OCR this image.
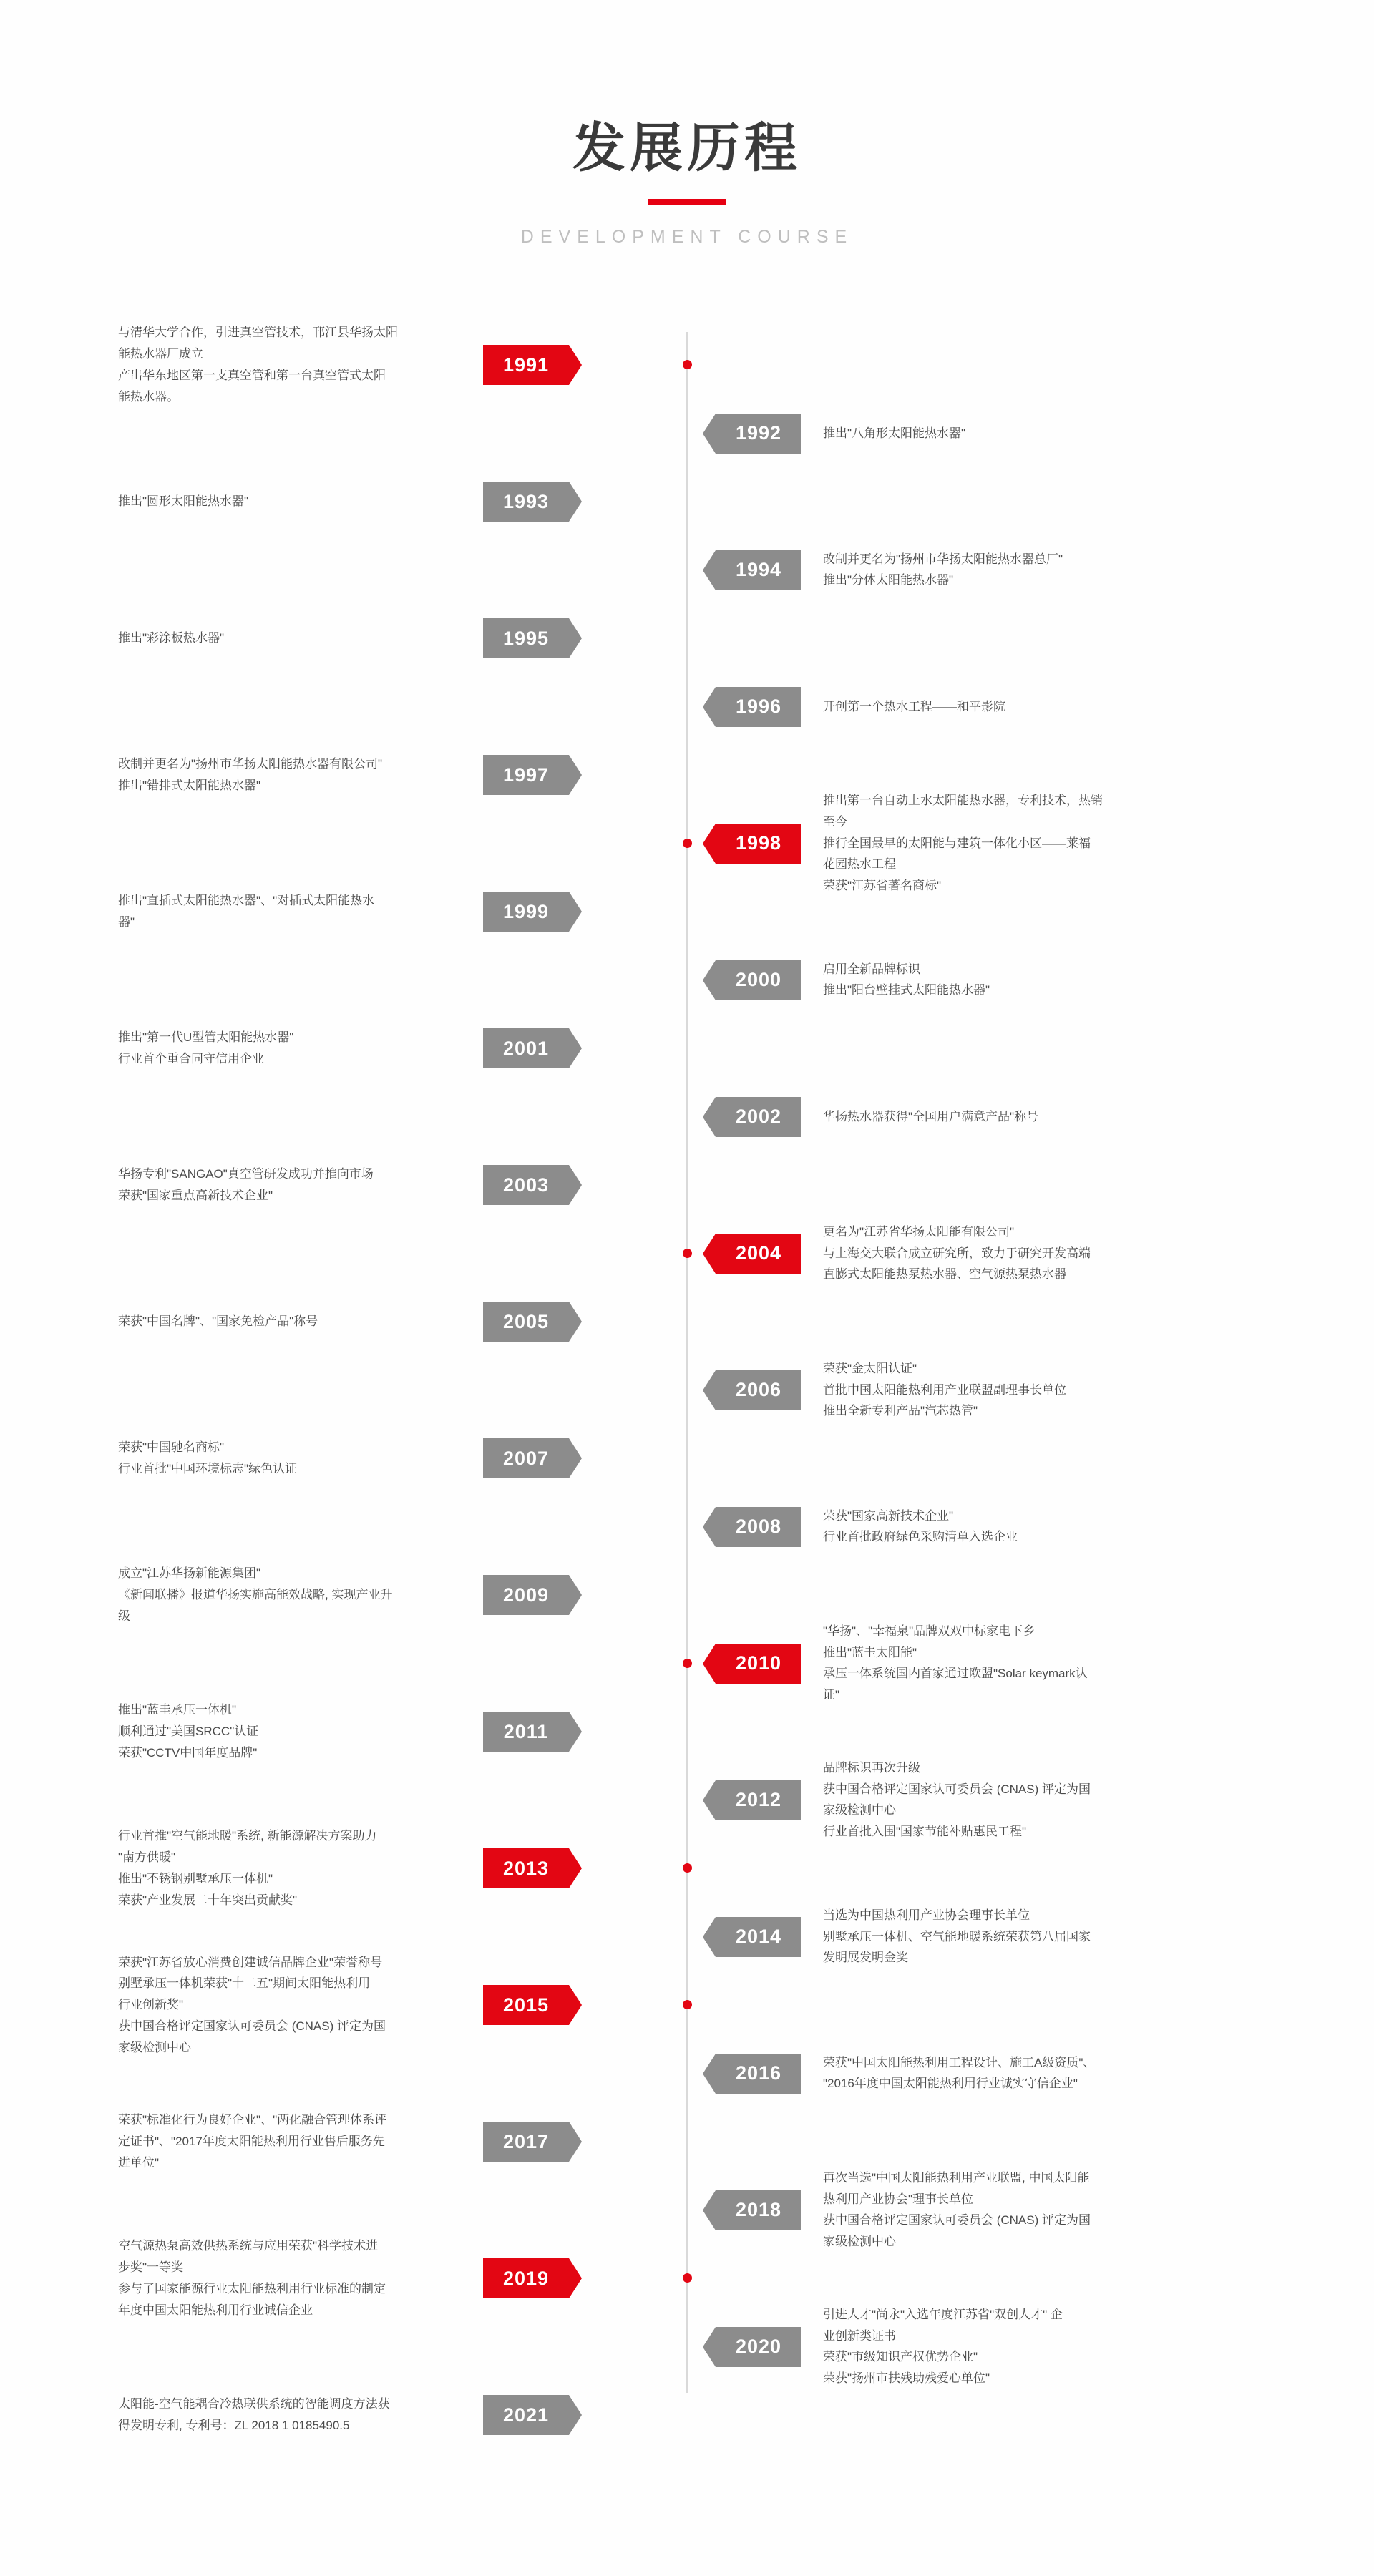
发展历程
DEVELOPMENT COURSE
1991

与清华大学合作，引进真空管技术，邗江县华扬太阳

能热水器厂成立

产出华东地区第一支真空管和第一台真空管式太阳

能热水器。

1992	推出"八角形太阳能热水器"

1993

推出"圆形太阳能热水器"

1994	改制并更名为"扬州市华扬太阳能热水器总厂"

推出"分体太阳能热水器"

1995

推出"彩涂板热水器"

1996	开创第一个热水工程——和平影院

1997

改制并更名为"扬州市华扬太阳能热水器有限公司"

推出"错排式太阳能热水器"

1998

推出第一台自动上水太阳能热水器，专利技术，热销

至今

推行全国最早的太阳能与建筑一体化小区——莱福

花园热水工程

荣获"江苏省著名商标"

1999

推出"直插式太阳能热水器"、"对插式太阳能热水

器"

2000	启用全新品牌标识

推出"阳台壁挂式太阳能热水器"

2001

推出"第一代U型管太阳能热水器"

行业首个重合同守信用企业

2002	华扬热水器获得"全国用户满意产品"称号

2003

华扬专利"SANGAO"真空管研发成功并推向市场

荣获"国家重点高新技术企业"

2004

更名为"江苏省华扬太阳能有限公司"

与上海交大联合成立研究所，致力于研究开发高端

直膨式太阳能热泵热水器、空气源热泵热水器

2005

荣获"中国名牌"、"国家免检产品"称号

2006

荣获"金太阳认证"

首批中国太阳能热利用产业联盟副理事长单位

推出全新专利产品"汽芯热管"

2007

荣获"中国驰名商标"

行业首批"中国环境标志"绿色认证

2008	荣获"国家高新技术企业"

行业首批政府绿色采购清单入选企业

2009

成立"江苏华扬新能源集团"

《新闻联播》报道华扬实施高能效战略, 实现产业升

级

2010

"华扬"、"幸福泉"品牌双双中标家电下乡

推出"蓝圭太阳能"

承压一体系统国内首家通过欧盟"Solar keymark认

证"

2011

推出"蓝圭承压一体机"

顺利通过"美国SRCC"认证

荣获"CCTV中国年度品牌"

2012

品牌标识再次升级

获中国合格评定国家认可委员会 (CNAS) 评定为国

家级检测中心

行业首批入围"国家节能补贴惠民工程"

2013

行业首推"空气能地暖"系统, 新能源解决方案助力

"南方供暖"

推出"不锈钢别墅承压一体机"

荣获"产业发展二十年突出贡献奖"

2014

当选为中国热利用产业协会理事长单位

别墅承压一体机、空气能地暖系统荣获第八届国家

发明展发明金奖

2015

荣获"江苏省放心消费创建诚信品牌企业"荣誉称号

别墅承压一体机荣获"十二五"期间太阳能热利用

行业创新奖"

获中国合格评定国家认可委员会 (CNAS) 评定为国

家级检测中心

2016	荣获"中国太阳能热利用工程设计、施工A级资质"、

"2016年度中国太阳能热利用行业诚实守信企业"

2017

荣获"标准化行为良好企业"、"两化融合管理体系评

定证书"、"2017年度太阳能热利用行业售后服务先

进单位"

2018

再次当选"中国太阳能热利用产业联盟, 中国太阳能

热利用产业协会"理事长单位

获中国合格评定国家认可委员会 (CNAS) 评定为国

家级检测中心

2019

空气源热泵高效供热系统与应用荣获"科学技术进

步奖"一等奖

参与了国家能源行业太阳能热利用行业标准的制定

年度中国太阳能热利用行业诚信企业

2020

引进人才"尚永"入选年度江苏省"双创人才" 企

业创新类证书

荣获"市级知识产权优势企业"

荣获"扬州市扶残助残爱心单位"

2021

太阳能-空气能耦合冷热联供系统的智能调度方法获

得发明专利, 专利号：ZL 2018 1 0185490.5
